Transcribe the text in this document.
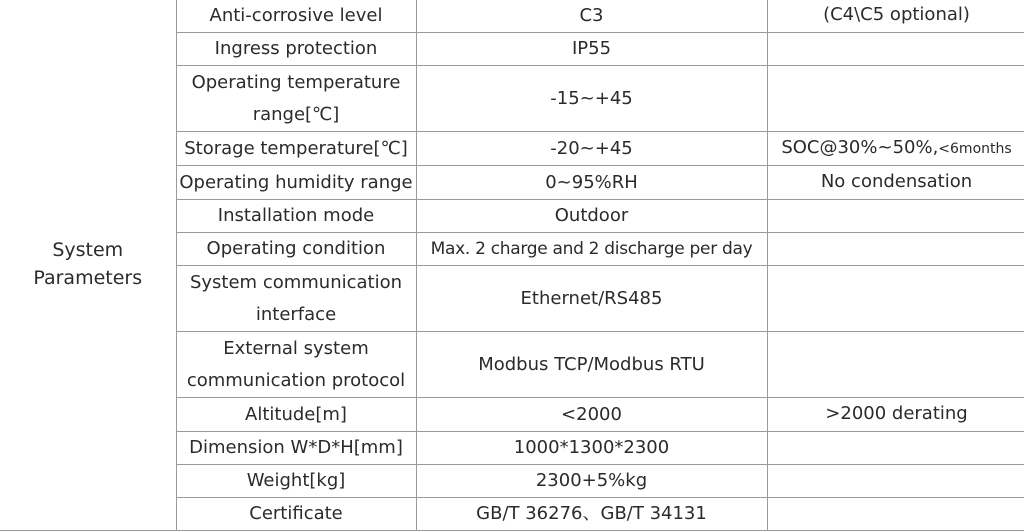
System Parameters	Anti-corrosive level	C3	(C4\C5 optional)
	Ingress protection	IP55	
	Operating temperature range[℃]	-15~+45	
	Storage temperature[℃]	-20~+45	SOC@30%~50%,<6months
	Operating humidity range	0~95%RH	No condensation
	Installation mode	Outdoor	
	Operating condition	Max. 2 charge and 2 discharge per day	
	System communication interface	Ethernet/RS485	
	External system communication protocol	Modbus TCP/Modbus RTU	
	Altitude[m]	<2000	>2000 derating
	Dimension W*D*H[mm]	1000*1300*2300	
	Weight[kg]	2300+5%kg	
	Certificate	GB/T 36276、GB/T 34131	
